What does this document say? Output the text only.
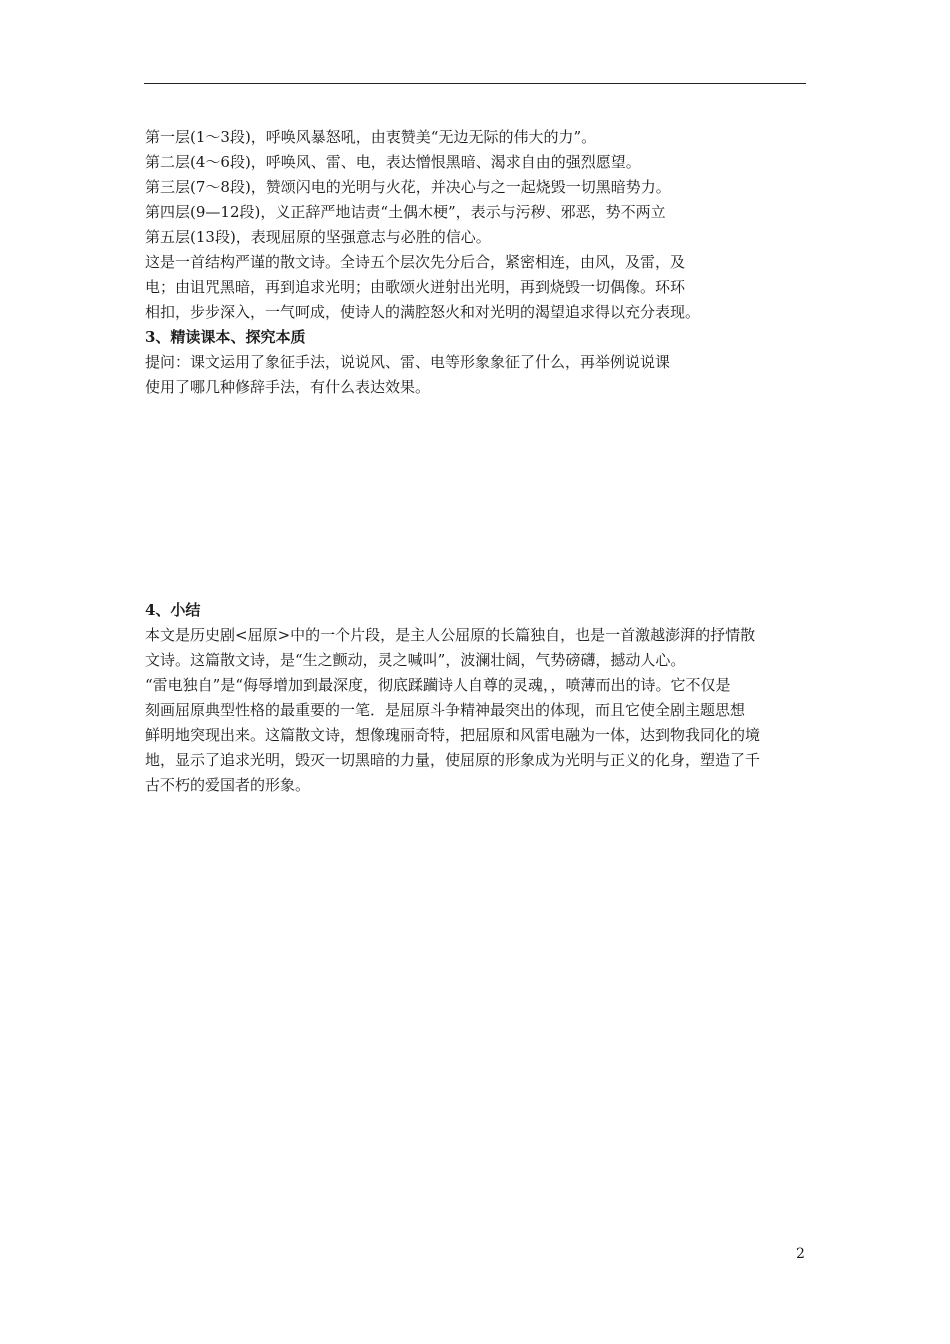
第一层(1～3段)，呼唤风暴怒吼，由衷赞美“无边无际的伟大的力”。
第二层(4～6段)，呼唤风、雷、电，表达憎恨黑暗、渴求自由的强烈愿望。
第三层(7～8段)，赞颂闪电的光明与火花，并决心与之一起烧毁一切黑暗势力。
第四层(9—12段)，义正辞严地诘责“土偶木梗”，表示与污秽、邪恶，势不两立
第五层(13段)，表现屈原的坚强意志与必胜的信心。
这是一首结构严谨的散文诗。全诗五个层次先分后合，紧密相连，由风，及雷，及
电；由诅咒黑暗，再到追求光明；由歌颂火迸射出光明，再到烧毁一切偶像。环环
相扣，步步深入，一气呵成，使诗人的满腔怒火和对光明的渴望追求得以充分表现。
3、精读课本、探究本质
提问：课文运用了象征手法，说说风、雷、电等形象象征了什么，再举例说说课
使用了哪几种修辞手法，有什么表达效果。
4、小结
本文是历史剧<屈原>中的一个片段，是主人公屈原的长篇独自，也是一首激越澎湃的抒情散
文诗。这篇散文诗，是“生之颤动，灵之喊叫”，波澜壮阔，气势磅礴，撼动人心。
“雷电独自”是“侮辱增加到最深度，彻底蹂躏诗人自尊的灵魂，，喷薄而出的诗。它不仅是
刻画屈原典型性格的最重要的一笔．是屈原斗争精神最突出的体现，而且它使全剧主题思想
鲜明地突现出来。这篇散文诗，想像瑰丽奇特，把屈原和风雷电融为一体，达到物我同化的境
地，显示了追求光明，毁灭一切黑暗的力量，使屈原的形象成为光明与正义的化身，塑造了千
古不朽的爱国者的形象。
2
